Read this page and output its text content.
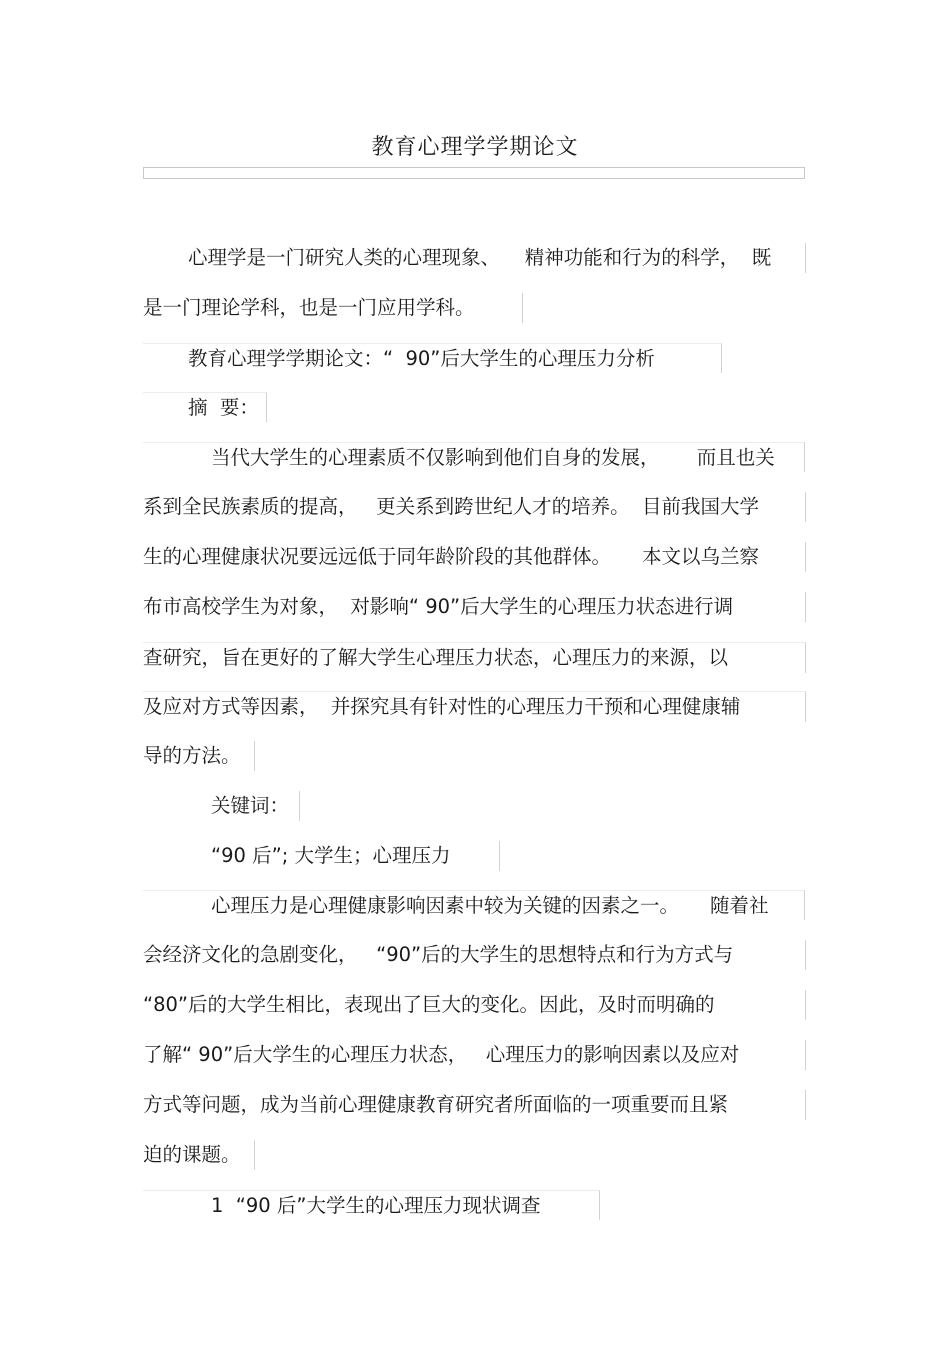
教育心理学学期论文
心理学是一门研究人类的心理现象、    精神功能和行为的科学，  既
是一门理论学科，也是一门应用学科。
教育心理学学期论文：“  90”后大学生的心理压力分析
摘  要：
当代大学生的心理素质不仅影响到他们自身的发展，      而且也关
系到全民族素质的提高，   更关系到跨世纪人才的培养。  目前我国大学
生的心理健康状况要远远低于同年龄阶段的其他群体。     本文以乌兰察
布市高校学生为对象，  对影响“ 90”后大学生的心理压力状态进行调
查研究，旨在更好的了解大学生心理压力状态，心理压力的来源，以
及应对方式等因素，  并探究具有针对性的心理压力干预和心理健康辅
导的方法。
关键词：
“90 后”; 大学生；心理压力
心理压力是心理健康影响因素中较为关键的因素之一。     随着社
会经济文化的急剧变化，   “90”后的大学生的思想特点和行为方式与
“80”后的大学生相比，表现出了巨大的变化。因此，及时而明确的
了解“ 90”后大学生的心理压力状态，   心理压力的影响因素以及应对
方式等问题，成为当前心理健康教育研究者所面临的一项重要而且紧
迫的课题。
1  “90 后”大学生的心理压力现状调查
